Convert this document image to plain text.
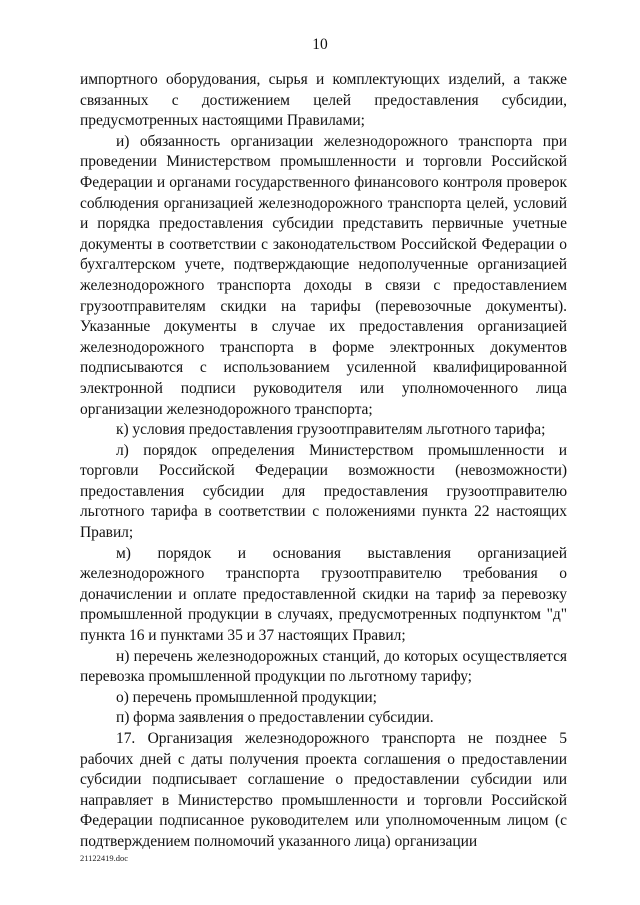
10

импортного оборудования, сырья и комплектующих изделий, а также связанных с достижением целей предоставления субсидии, предусмотренных настоящими Правилами;

и) обязанность организации железнодорожного транспорта при проведении Министерством промышленности и торговли Российской Федерации и органами государственного финансового контроля проверок соблюдения организацией железнодорожного транспорта целей, условий и порядка предоставления субсидии представить первичные учетные документы в соответствии с законодательством Российской Федерации о бухгалтерском учете, подтверждающие недополученные организацией железнодорожного транспорта доходы в связи с предоставлением грузоотправителям скидки на тарифы (перевозочные документы). Указанные документы в случае их предоставления организацией железнодорожного транспорта в форме электронных документов подписываются с использованием усиленной квалифицированной электронной подписи руководителя или уполномоченного лица организации железнодорожного транспорта;

к) условия предоставления грузоотправителям льготного тарифа;

л) порядок определения Министерством промышленности и торговли Российской Федерации возможности (невозможности) предоставления субсидии для предоставления грузоотправителю льготного тарифа в соответствии с положениями пункта 22 настоящих Правил;

м) порядок и основания выставления организацией железнодорожного транспорта грузоотправителю требования о доначислении и оплате предоставленной скидки на тариф за перевозку промышленной продукции в случаях, предусмотренных подпунктом "д" пункта 16 и пунктами 35 и 37 настоящих Правил;

н) перечень железнодорожных станций, до которых осуществляется перевозка промышленной продукции по льготному тарифу;

о) перечень промышленной продукции;

п) форма заявления о предоставлении субсидии.

17. Организация железнодорожного транспорта не позднее 5 рабочих дней с даты получения проекта соглашения о предоставлении субсидии подписывает соглашение о предоставлении субсидии или направляет в Министерство промышленности и торговли Российской Федерации подписанное руководителем или уполномоченным лицом (с подтверждением полномочий указанного лица) организации

21122419.doc
